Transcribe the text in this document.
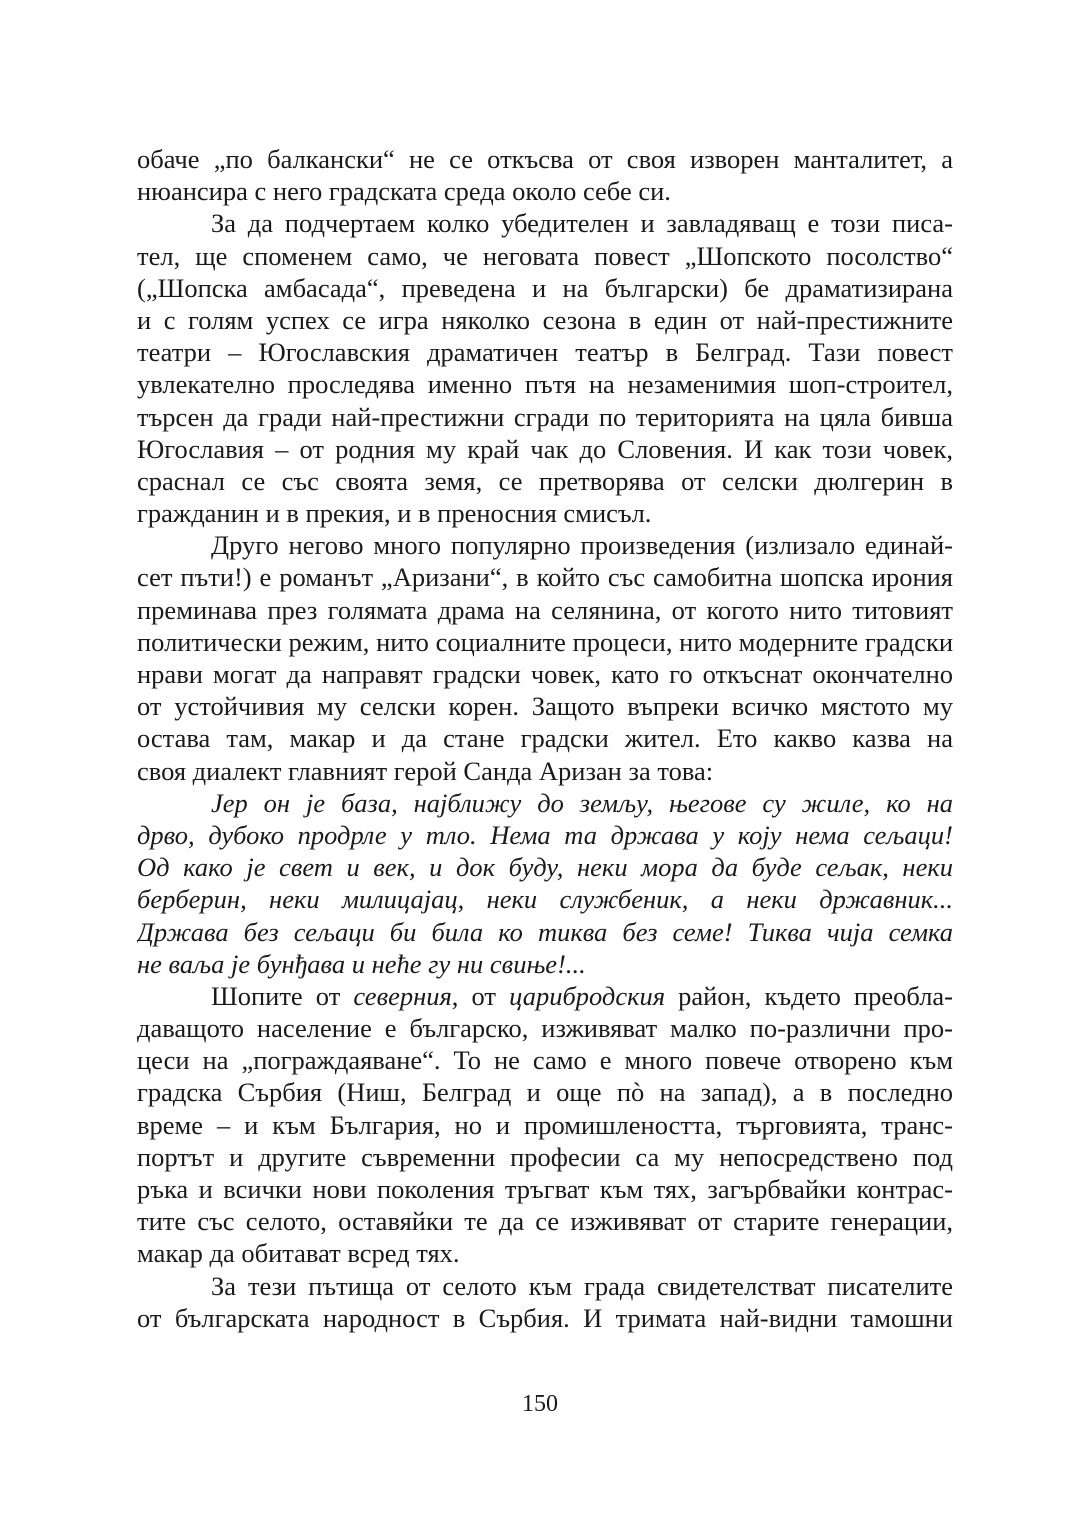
обаче „по балкански“ не се откъсва от своя изворен манталитет, а
нюансира с него градската среда около себе си.
За да подчертаем колко убедителен и завладяващ е този писа-
тел, ще споменем само, че неговата повест „Шопското посолство“
(„Шопска амбасада“, преведена и на български) бе драматизирана
и с голям успех се игра няколко сезона в един от най-престижните
театри – Югославския драматичен театър в Белград. Тази повест
увлекателно проследява именно пътя на незаменимия шоп-строител,
търсен да гради най-престижни сгради по територията на цяла бивша
Югославия – от родния му край чак до Словения. И как този човек,
сраснал се със своята земя, се претворява от селски дюлгерин в
гражданин и в прекия, и в преносния смисъл.
Друго негово много популярно произведения (излизало единай-
сет пъти!) е романът „Аризани“, в който със самобитна шопска ирония
преминава през голямата драма на селянина, от когото нито титовият
политически режим, нито социалните процеси, нито модерните градски
нрави могат да направят градски човек, като го откъснат окончателно
от устойчивия му селски корен. Защото въпреки всичко мястото му
остава там, макар и да стане градски жител. Ето какво казва на
своя диалект главният герой Санда Аризан за това:
Јер он је база, најближу до земљу, његове су жиле, ко на
дрво, дубоко продрле у тло. Нема та држава у коју нема сељаци!
Од како је свет и век, и док буду, неки мора да буде сељак, неки
берберин, неки милицајац, неки службеник, а неки државник...
Држава без сељаци би била ко тиква без семе! Тиква чија семка
не ваља је бунђава и неће гу ни свиње!...
Шопите от северния, от царибродския район, където преобла-
даващото население е българско, изживяват малко по-различни про-
цеси на „пограждаяване“. То не само е много повече отворено към
градска Сърбия (Ниш, Белград и още пò на запад), а в последно
време – и към България, но и промишлеността, търговията, транс-
портът и другите съвременни професии са му непосредствено под
ръка и всички нови поколения тръгват към тях, загърбвайки контрас-
тите със селото, оставяйки те да се изживяват от старите генерации,
макар да обитават всред тях.
За тези пътища от селото към града свидетелстват писателите
от българската народност в Сърбия. И тримата най-видни тамошни
150
